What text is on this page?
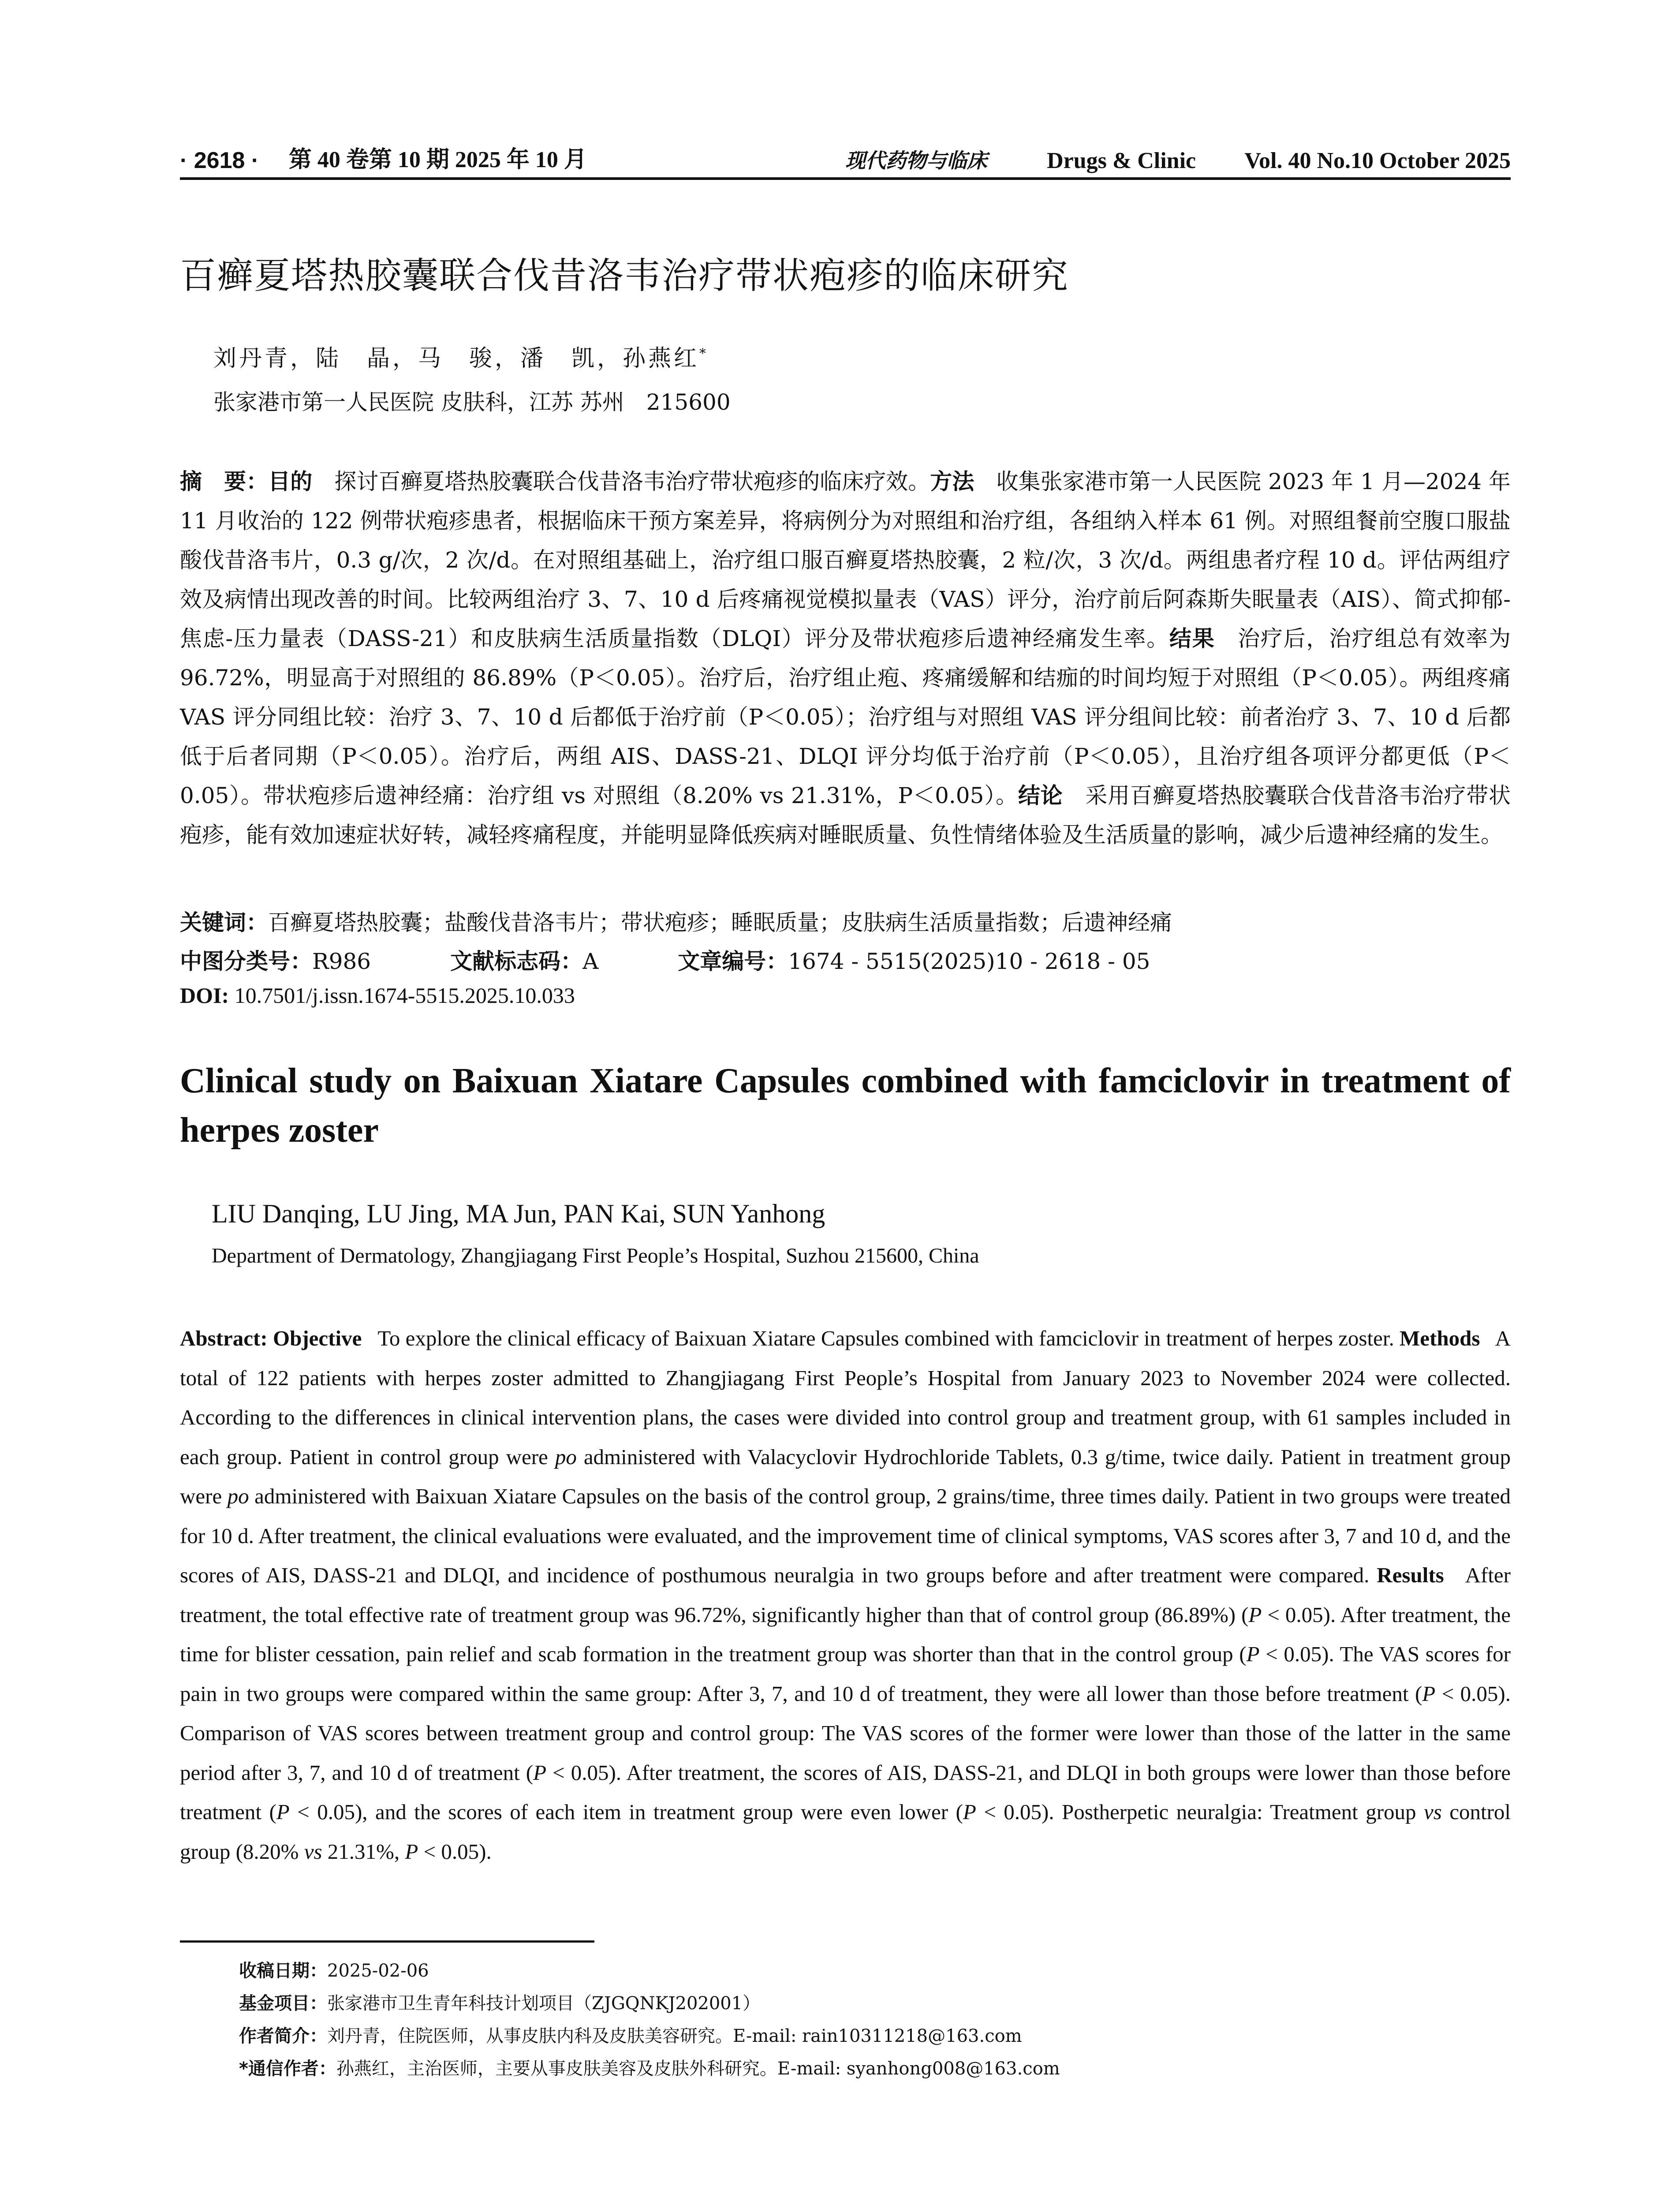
· 2618 ·	第 40 卷第 10 期 2025 年 10 月	现代药物与临床	Drugs & Clinic	Vol. 40 No.10 October 2025
百癣夏塔热胶囊联合伐昔洛韦治疗带状疱疹的临床研究
刘丹青，陆　晶，马　骏，潘　凯，孙燕红*
张家港市第一人民医院 皮肤科，江苏 苏州　215600
摘　要：目的　 探讨百癣夏塔热胶囊联合伐昔洛韦治疗带状疱疹的临床疗效。方法　 收集张家港市第一人民医院 2023 年 1 月—2024 年 11 月收治的 122 例带状疱疹患者，根据临床干预方案差异，将病例分为对照组和治疗组，各组纳入样本 61 例。对照组餐前空腹口服盐酸伐昔洛韦片，0.3 g/次，2 次/d。在对照组基础上，治疗组口服百癣夏塔热胶囊，2 粒/次，3 次/d。两组患者疗程 10 d。评估两组疗效及病情出现改善的时间。比较两组治疗 3、7、10 d 后疼痛视觉模拟量表（VAS）评分，治疗前后阿森斯失眠量表（AIS）、简式抑郁-焦虑-压力量表（DASS-21）和皮肤病生活质量指数（DLQI）评分及带状疱疹后遗神经痛发生率。结果　 治疗后，治疗组总有效率为 96.72%，明显高于对照组的 86.89%（P＜0.05）。治疗后，治疗组止疱、疼痛缓解和结痂的时间均短于对照组（P＜0.05）。两组疼痛 VAS 评分同组比较：治疗 3、7、10 d 后都低于治疗前（P＜0.05）；治疗组与对照组 VAS 评分组间比较：前者治疗 3、7、10 d 后都低于后者同期（P＜0.05）。治疗后，两组 AIS、DASS-21、DLQI 评分均低于治疗前（P＜0.05），且治疗组各项评分都更低（P＜0.05）。带状疱疹后遗神经痛：治疗组 vs 对照组（8.20% vs 21.31%，P＜0.05）。结论　 采用百癣夏塔热胶囊联合伐昔洛韦治疗带状疱疹，能有效加速症状好转，减轻疼痛程度，并能明显降低疾病对睡眠质量、负性情绪体验及生活质量的影响，减少后遗神经痛的发生。
关键词：百癣夏塔热胶囊；盐酸伐昔洛韦片；带状疱疹；睡眠质量；皮肤病生活质量指数；后遗神经痛
中图分类号：R986	文献标志码：A	文章编号：1674 - 5515(2025)10 - 2618 - 05
DOI: 10.7501/j.issn.1674-5515.2025.10.033
Clinical study on Baixuan Xiatare Capsules combined with famciclovir in treatment of herpes zoster
LIU Danqing, LU Jing, MA Jun, PAN Kai, SUN Yanhong
Department of Dermatology, Zhangjiagang First People’s Hospital, Suzhou 215600, China
Abstract: Objective To explore the clinical efficacy of Baixuan Xiatare Capsules combined with famciclovir in treatment of herpes zoster. Methods A total of 122 patients with herpes zoster admitted to Zhangjiagang First People’s Hospital from January 2023 to November 2024 were collected. According to the differences in clinical intervention plans, the cases were divided into control group and treatment group, with 61 samples included in each group. Patient in control group were po administered with Valacyclovir Hydrochloride Tablets, 0.3 g/time, twice daily. Patient in treatment group were po administered with Baixuan Xiatare Capsules on the basis of the control group, 2 grains/time, three times daily. Patient in two groups were treated for 10 d. After treatment, the clinical evaluations were evaluated, and the improvement time of clinical symptoms, VAS scores after 3, 7 and 10 d, and the scores of AIS, DASS-21 and DLQI, and incidence of posthumous neuralgia in two groups before and after treatment were compared. Results After treatment, the total effective rate of treatment group was 96.72%, significantly higher than that of control group (86.89%) (P < 0.05). After treatment, the time for blister cessation, pain relief and scab formation in the treatment group was shorter than that in the control group (P < 0.05). The VAS scores for pain in two groups were compared within the same group: After 3, 7, and 10 d of treatment, they were all lower than those before treatment (P < 0.05). Comparison of VAS scores between treatment group and control group: The VAS scores of the former were lower than those of the latter in the same period after 3, 7, and 10 d of treatment (P < 0.05). After treatment, the scores of AIS, DASS-21, and DLQI in both groups were lower than those before treatment (P < 0.05), and the scores of each item in treatment group were even lower (P < 0.05). Postherpetic neuralgia: Treatment group vs control group (8.20% vs 21.31%, P < 0.05).
收稿日期：2025-02-06
基金项目：张家港市卫生青年科技计划项目（ZJGQNKJ202001）
作者简介：刘丹青，住院医师，从事皮肤内科及皮肤美容研究。E-mail: rain10311218@163.com
*通信作者：孙燕红，主治医师，主要从事皮肤美容及皮肤外科研究。E-mail: syanhong008@163.com
